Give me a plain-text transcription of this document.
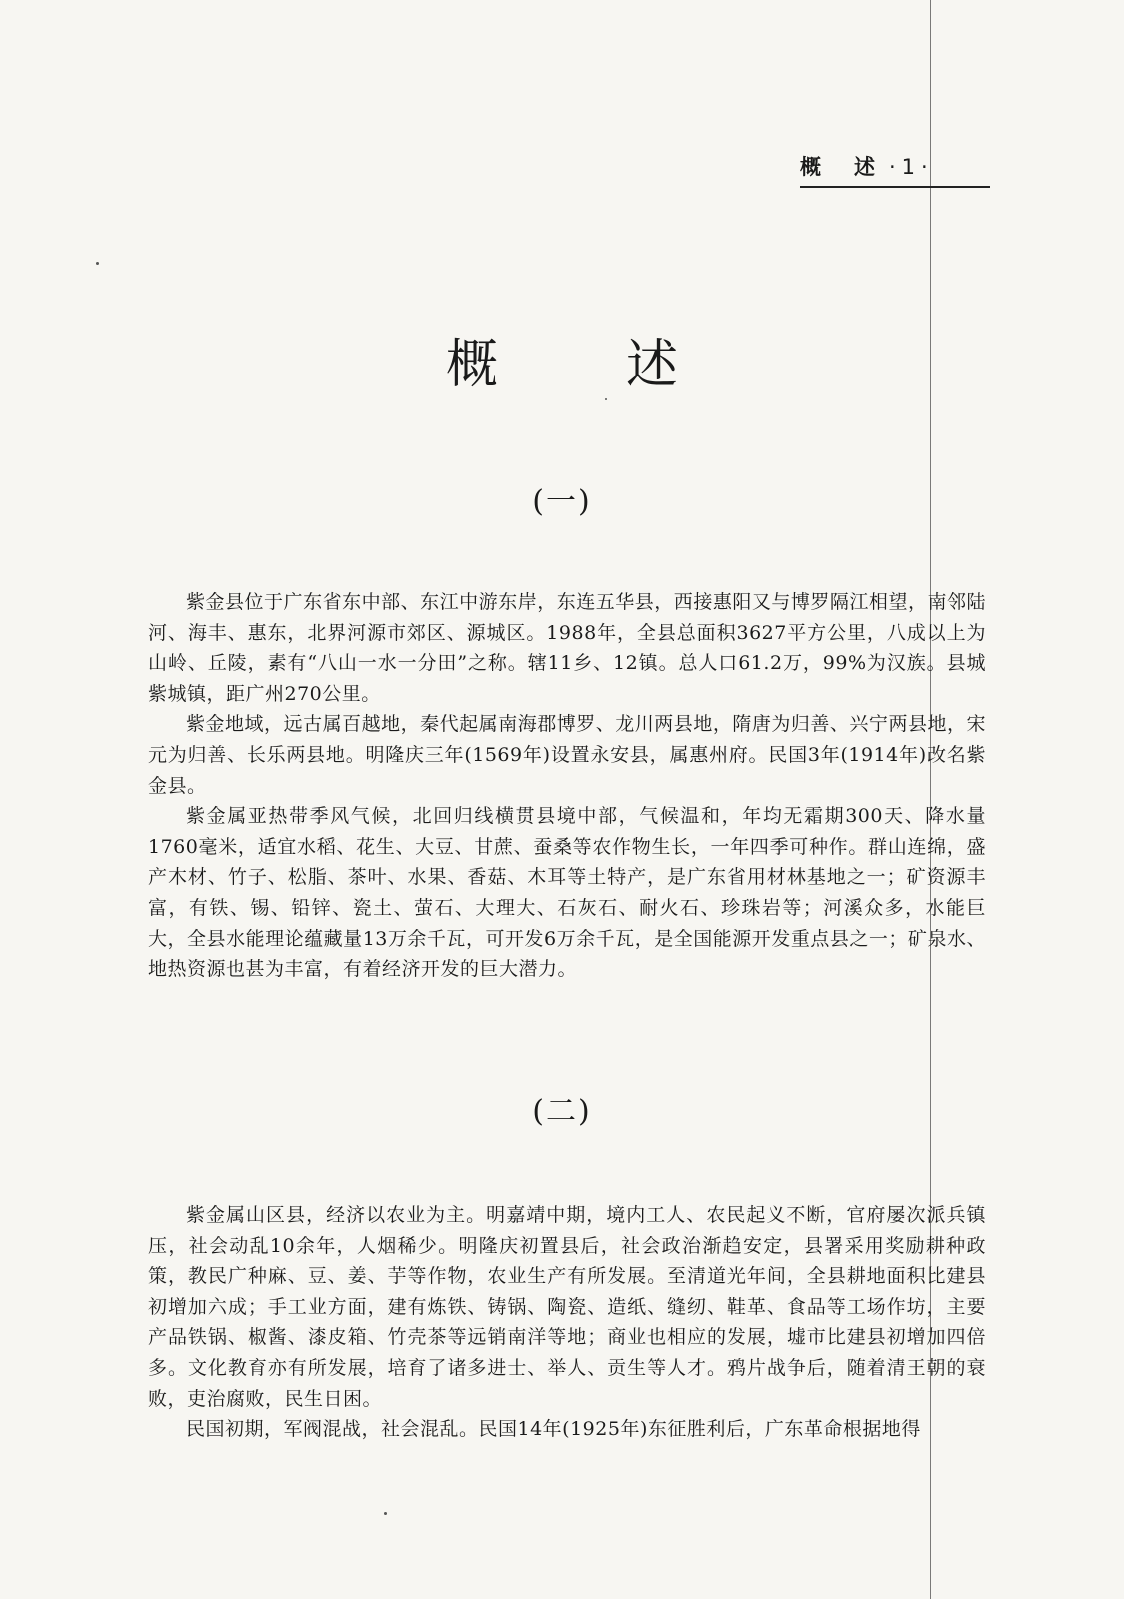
概　述 ·1·
概述
(一)

紫金县位于广东省东中部、东江中游东岸，东连五华县，西接惠阳又与博罗隔江相望，南邻陆河、海丰、惠东，北界河源市郊区、源城区。1988年，全县总面积3627平方公里，八成以上为山岭、丘陵，素有“八山一水一分田”之称。辖11乡、12镇。总人口61.2万，99%为汉族。县城紫城镇，距广州270公里。

紫金地域，远古属百越地，秦代起属南海郡博罗、龙川两县地，隋唐为归善、兴宁两县地，宋元为归善、长乐两县地。明隆庆三年(1569年)设置永安县，属惠州府。民国3年(1914年)改名紫金县。

紫金属亚热带季风气候，北回归线横贯县境中部，气候温和，年均无霜期300天、降水量1760毫米，适宜水稻、花生、大豆、甘蔗、蚕桑等农作物生长，一年四季可种作。群山连绵，盛产木材、竹子、松脂、茶叶、水果、香菇、木耳等土特产，是广东省用材林基地之一；矿资源丰富，有铁、锡、铅锌、瓷土、萤石、大理大、石灰石、耐火石、珍珠岩等；河溪众多，水能巨大，全县水能理论蕴藏量13万余千瓦，可开发6万余千瓦，是全国能源开发重点县之一；矿泉水、地热资源也甚为丰富，有着经济开发的巨大潜力。

(二)

紫金属山区县，经济以农业为主。明嘉靖中期，境内工人、农民起义不断，官府屡次派兵镇压，社会动乱10余年，人烟稀少。明隆庆初置县后，社会政治渐趋安定，县署采用奖励耕种政策，教民广种麻、豆、姜、芋等作物，农业生产有所发展。至清道光年间，全县耕地面积比建县初增加六成；手工业方面，建有炼铁、铸锅、陶瓷、造纸、缝纫、鞋革、食品等工场作坊，主要产品铁锅、椒酱、漆皮箱、竹壳茶等远销南洋等地；商业也相应的发展，墟市比建县初增加四倍多。文化教育亦有所发展，培育了诸多进士、举人、贡生等人才。鸦片战争后，随着清王朝的衰败，吏治腐败，民生日困。

民国初期，军阀混战，社会混乱。民国14年(1925年)东征胜利后，广东革命根据地得
